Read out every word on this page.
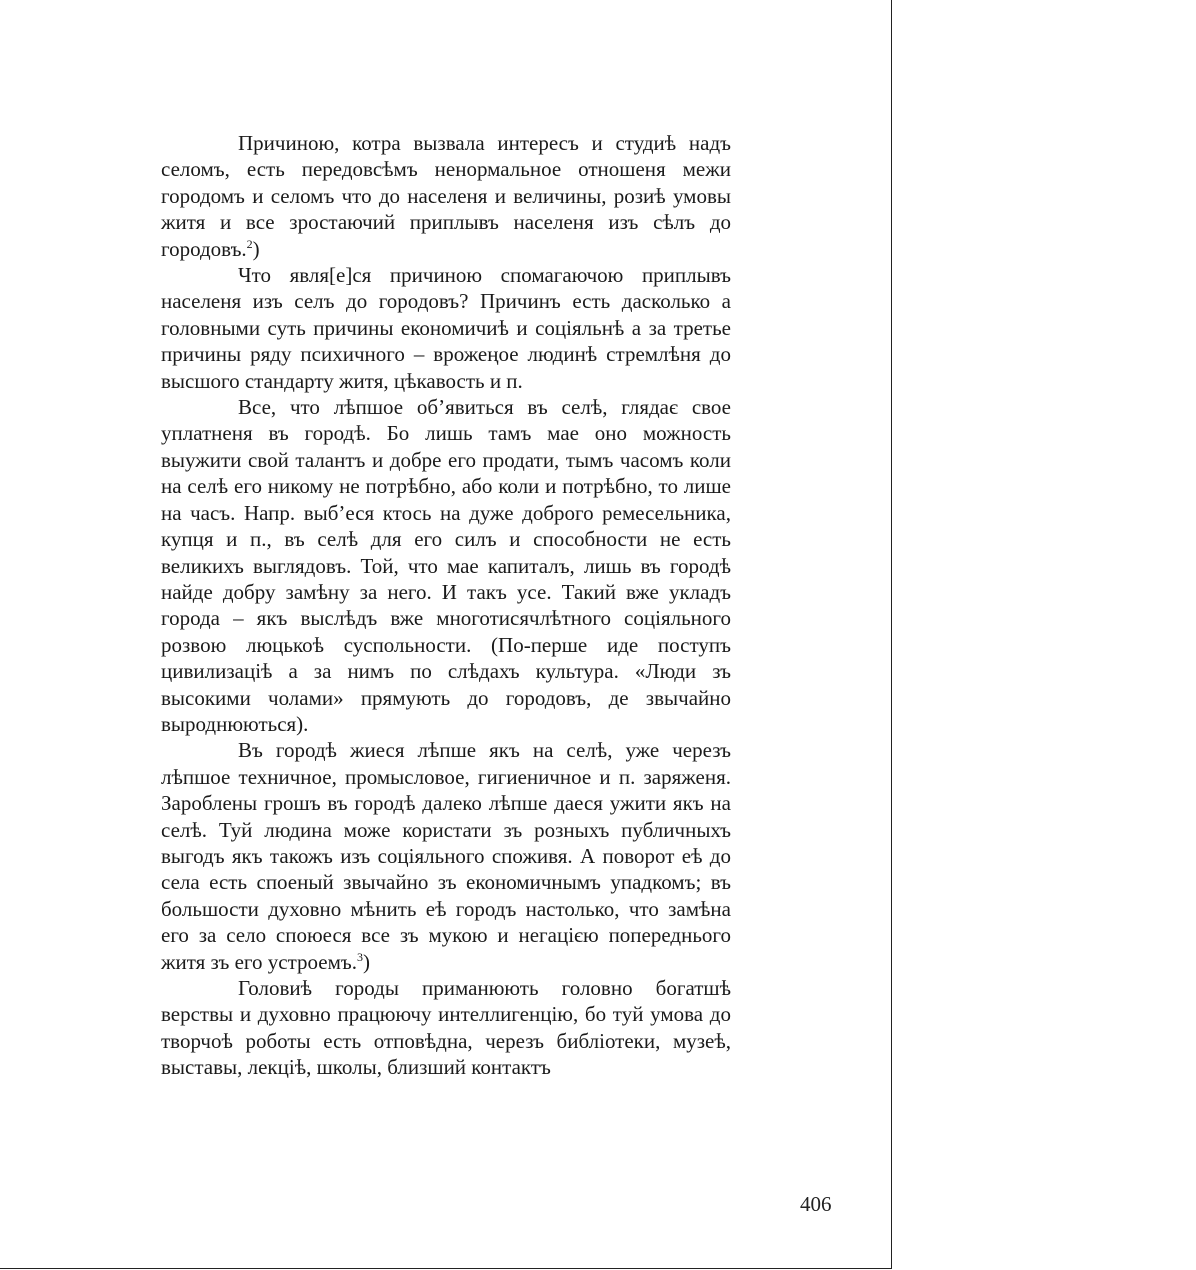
Причиною, котра вызвала интересъ и студиѣ надъ селомъ, есть передовсѣмъ ненормальное отношеня межи городомъ и селомъ что до населеня и величины, розиѣ умовы житя и все зростаючий приплывъ населеня изъ сѣлъ до городовъ.$^2$)

Что явля[е]ся причиною спомагаючою приплывъ населеня изъ селъ до городовъ? Причинъ есть дасколько а головными суть причины економичиѣ и соціяльнѣ а за третье причины ряду психичного – врожеңое людинѣ стремлѣня до высшого стандарту житя, цѣкавость и п.

Все, что лѣпшое об’явиться въ селѣ, глядає свое уплатненя въ городѣ. Бо лишь тамъ мае оно можность выужити свой талантъ и добре его продати, тымъ часомъ коли на селѣ его никому не потрѣбно, або коли и потрѣбно, то лише на часъ. Напр. выб’еся ктось на дуже доброго ремесельника, купця и п., въ селѣ для его силъ и способности не есть великихъ выглядовъ. Той, что мае капиталъ, лишь въ городѣ найде добру замѣну за него. И такъ усе. Такий вже укладъ города – якъ выслѣдъ вже многотисячлѣтного соціяльного розвою люцькоѣ суспольности. (По-перше иде поступъ цивилизаціѣ а за нимъ по слѣдахъ культура. «Люди зъ высокими чолами» прямують до городовъ, де звычайно выроднюються).

Въ городѣ жиеся лѣпше якъ на селѣ, уже черезъ лѣпшое техничное, промысловое, гигиеничное и п. заряженя. Зароблены грошъ въ городѣ далеко лѣпше даеся ужити якъ на селѣ. Туй людина може користати зъ розныхъ публичныхъ выгодъ якъ такожъ изъ соціяльного споживя. А поворот еѣ до села есть споеный звычайно зъ економичнымъ упадкомъ; въ большости духовно мѣнить еѣ городъ настолько, что замѣна его за село споюеся все зъ мукою и негацією попереднього житя зъ его устроемъ.$^3$)

Головиѣ городы приманюють головно богатшѣ верствы и духовно працюючу интеллигенцію, бо туй умова до творчоѣ роботы есть отповѣдна, черезъ библіотеки, музеѣ, выставы, лекціѣ, школы, близший контактъ

406
